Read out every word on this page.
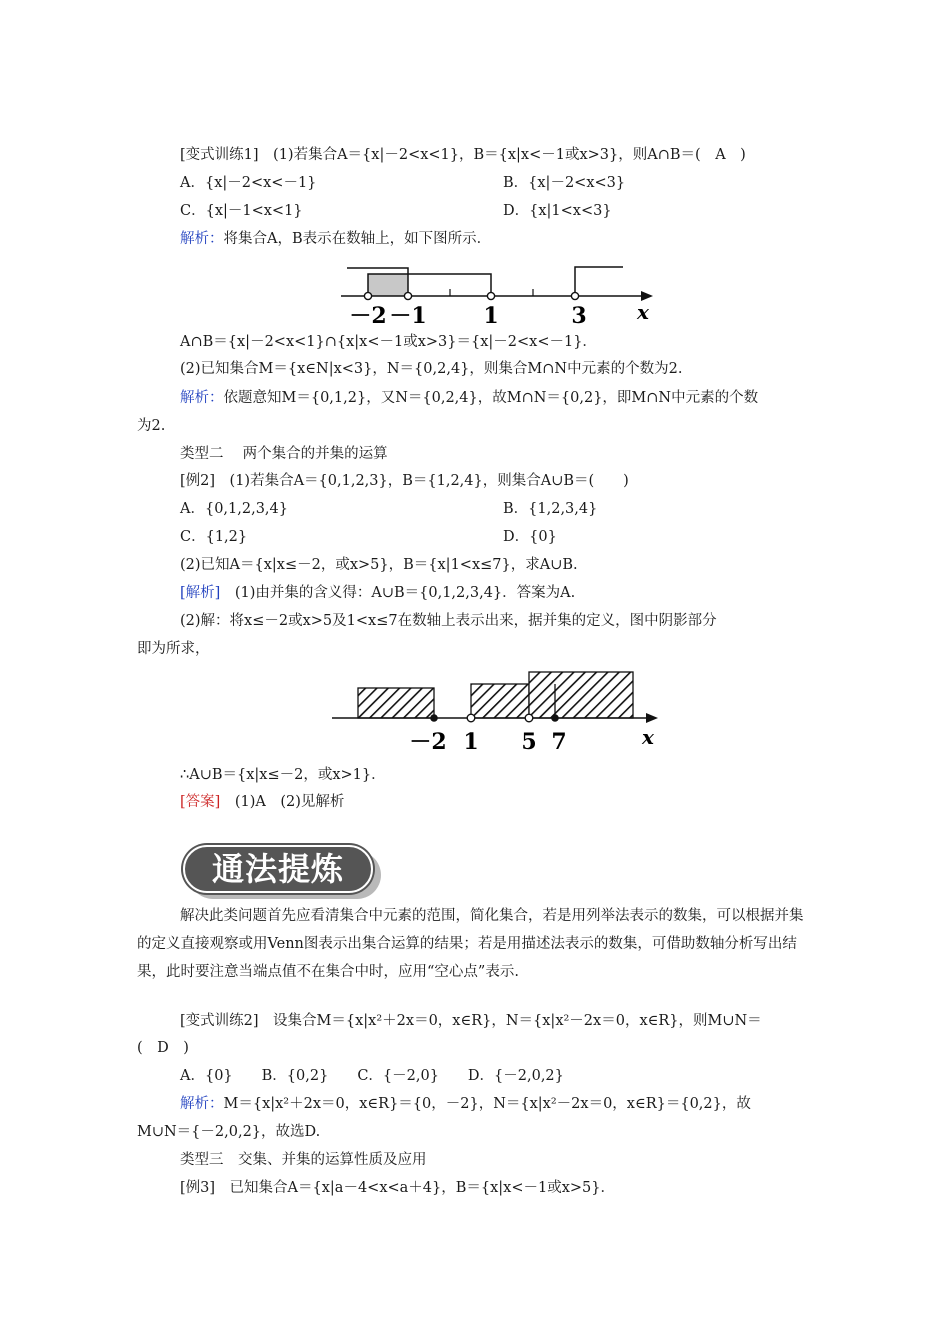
[变式训练1]　(1)若集合A＝{x|－2<x<1}，B＝{x|x<－1或x>3}，则A∩B＝(　A　)
A．{x|－2<x<－1}	B．{x|－2<x<3}
C．{x|－1<x<1}	D．{x|1<x<3}
解析：将集合A，B表示在数轴上，如下图所示．
－2 －1	1	3	x
A∩B＝{x|－2<x<1}∩{x|x<－1或x>3}＝{x|－2<x<－1}．
(2)已知集合M＝{x∈N|x<3}，N＝{0,2,4}，则集合M∩N中元素的个数为2.
解析：依题意知M＝{0,1,2}，又N＝{0,2,4}，故M∩N＝{0,2}，即M∩N中元素的个数
为2.
类型二　 两个集合的并集的运算
[例2]　(1)若集合A＝{0,1,2,3}，B＝{1,2,4}，则集合A∪B＝(　　)
A．{0,1,2,3,4}	B．{1,2,3,4}
C．{1,2}	D．{0}
(2)已知A＝{x|x≤－2，或x>5}，B＝{x|1<x≤7}，求A∪B.
[解析]　(1)由并集的含义得：A∪B＝{0,1,2,3,4}．答案为A.
(2)解：将x≤－2或x>5及1<x≤7在数轴上表示出来，据并集的定义，图中阴影部分
即为所求，
－2 1 5 7	x
∴A∪B＝{x|x≤－2，或x>1}．
[答案]　(1)A　(2)见解析
通法提炼
解决此类问题首先应看清集合中元素的范围，简化集合，若是用列举法表示的数集，可以根据并集的定义直接观察或用Venn图表示出集合运算的结果；若是用描述法表示的数集，可借助数轴分析写出结果，此时要注意当端点值不在集合中时，应用“空心点”表示.
[变式训练2]　设集合M＝{x|x²＋2x＝0，x∈R}，N＝{x|x²－2x＝0，x∈R}，则M∪N＝
(　D　)
A．{0}　　B．{0,2}　　C．{－2,0}　　D．{－2,0,2}
解析：M＝{x|x²＋2x＝0，x∈R}＝{0，－2}，N＝{x|x²－2x＝0，x∈R}＝{0,2}，故
M∪N＝{－2,0,2}，故选D.
类型三　交集、并集的运算性质及应用
[例3]　已知集合A＝{x|a－4<x<a＋4}，B＝{x|x<－1或x>5}．
